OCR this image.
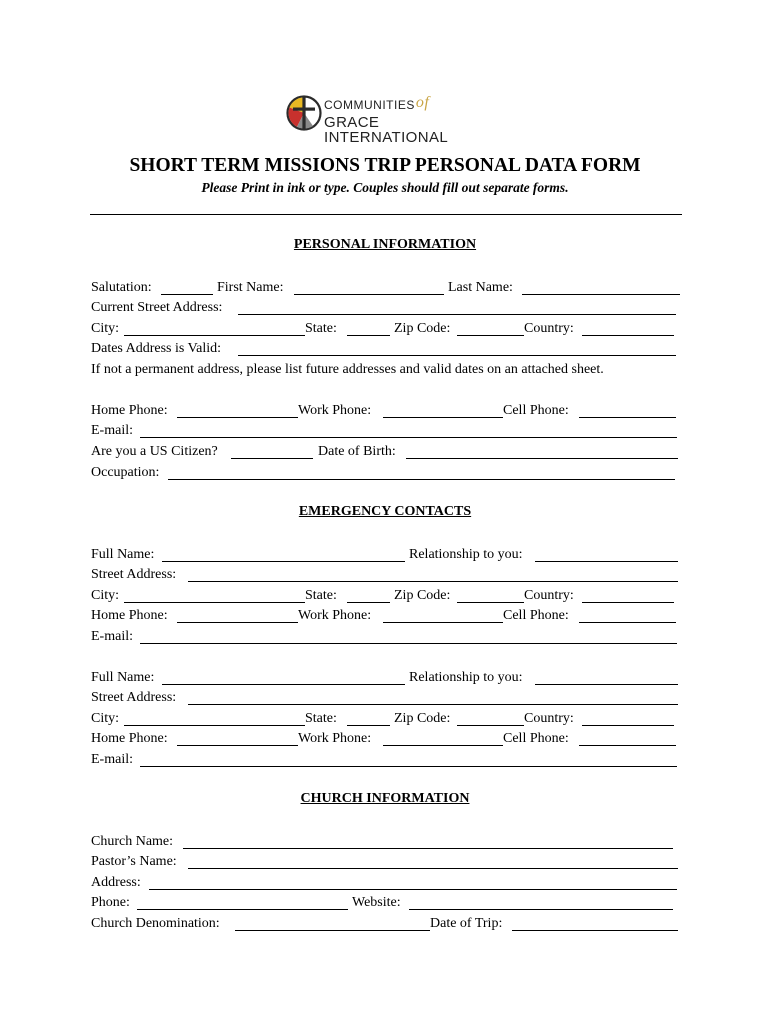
COMMUNITIESof
GRACE INTERNATIONAL
SHORT TERM MISSIONS TRIP PERSONAL DATA FORM
Please Print in ink or type. Couples should fill out separate forms.
PERSONAL INFORMATION
Salutation:	First Name:	Last Name:
Current Street Address:
City:	State:	Zip Code:	Country:
Dates Address is Valid:
If not a permanent address, please list future addresses and valid dates on an attached sheet.
Home Phone:	Work Phone:	Cell Phone:
E-mail:
Are you a US Citizen?	Date of Birth:
Occupation:
EMERGENCY CONTACTS
Full Name:	Relationship to you:
Street Address:
City:	State:	Zip Code:	Country:
Home Phone:	Work Phone:	Cell Phone:
E-mail:
Full Name:	Relationship to you:
Street Address:
City:	State:	Zip Code:	Country:
Home Phone:	Work Phone:	Cell Phone:
E-mail:
CHURCH INFORMATION
Church Name:
Pastor’s Name:
Address:
Phone:	Website:
Church Denomination:	Date of Trip:
